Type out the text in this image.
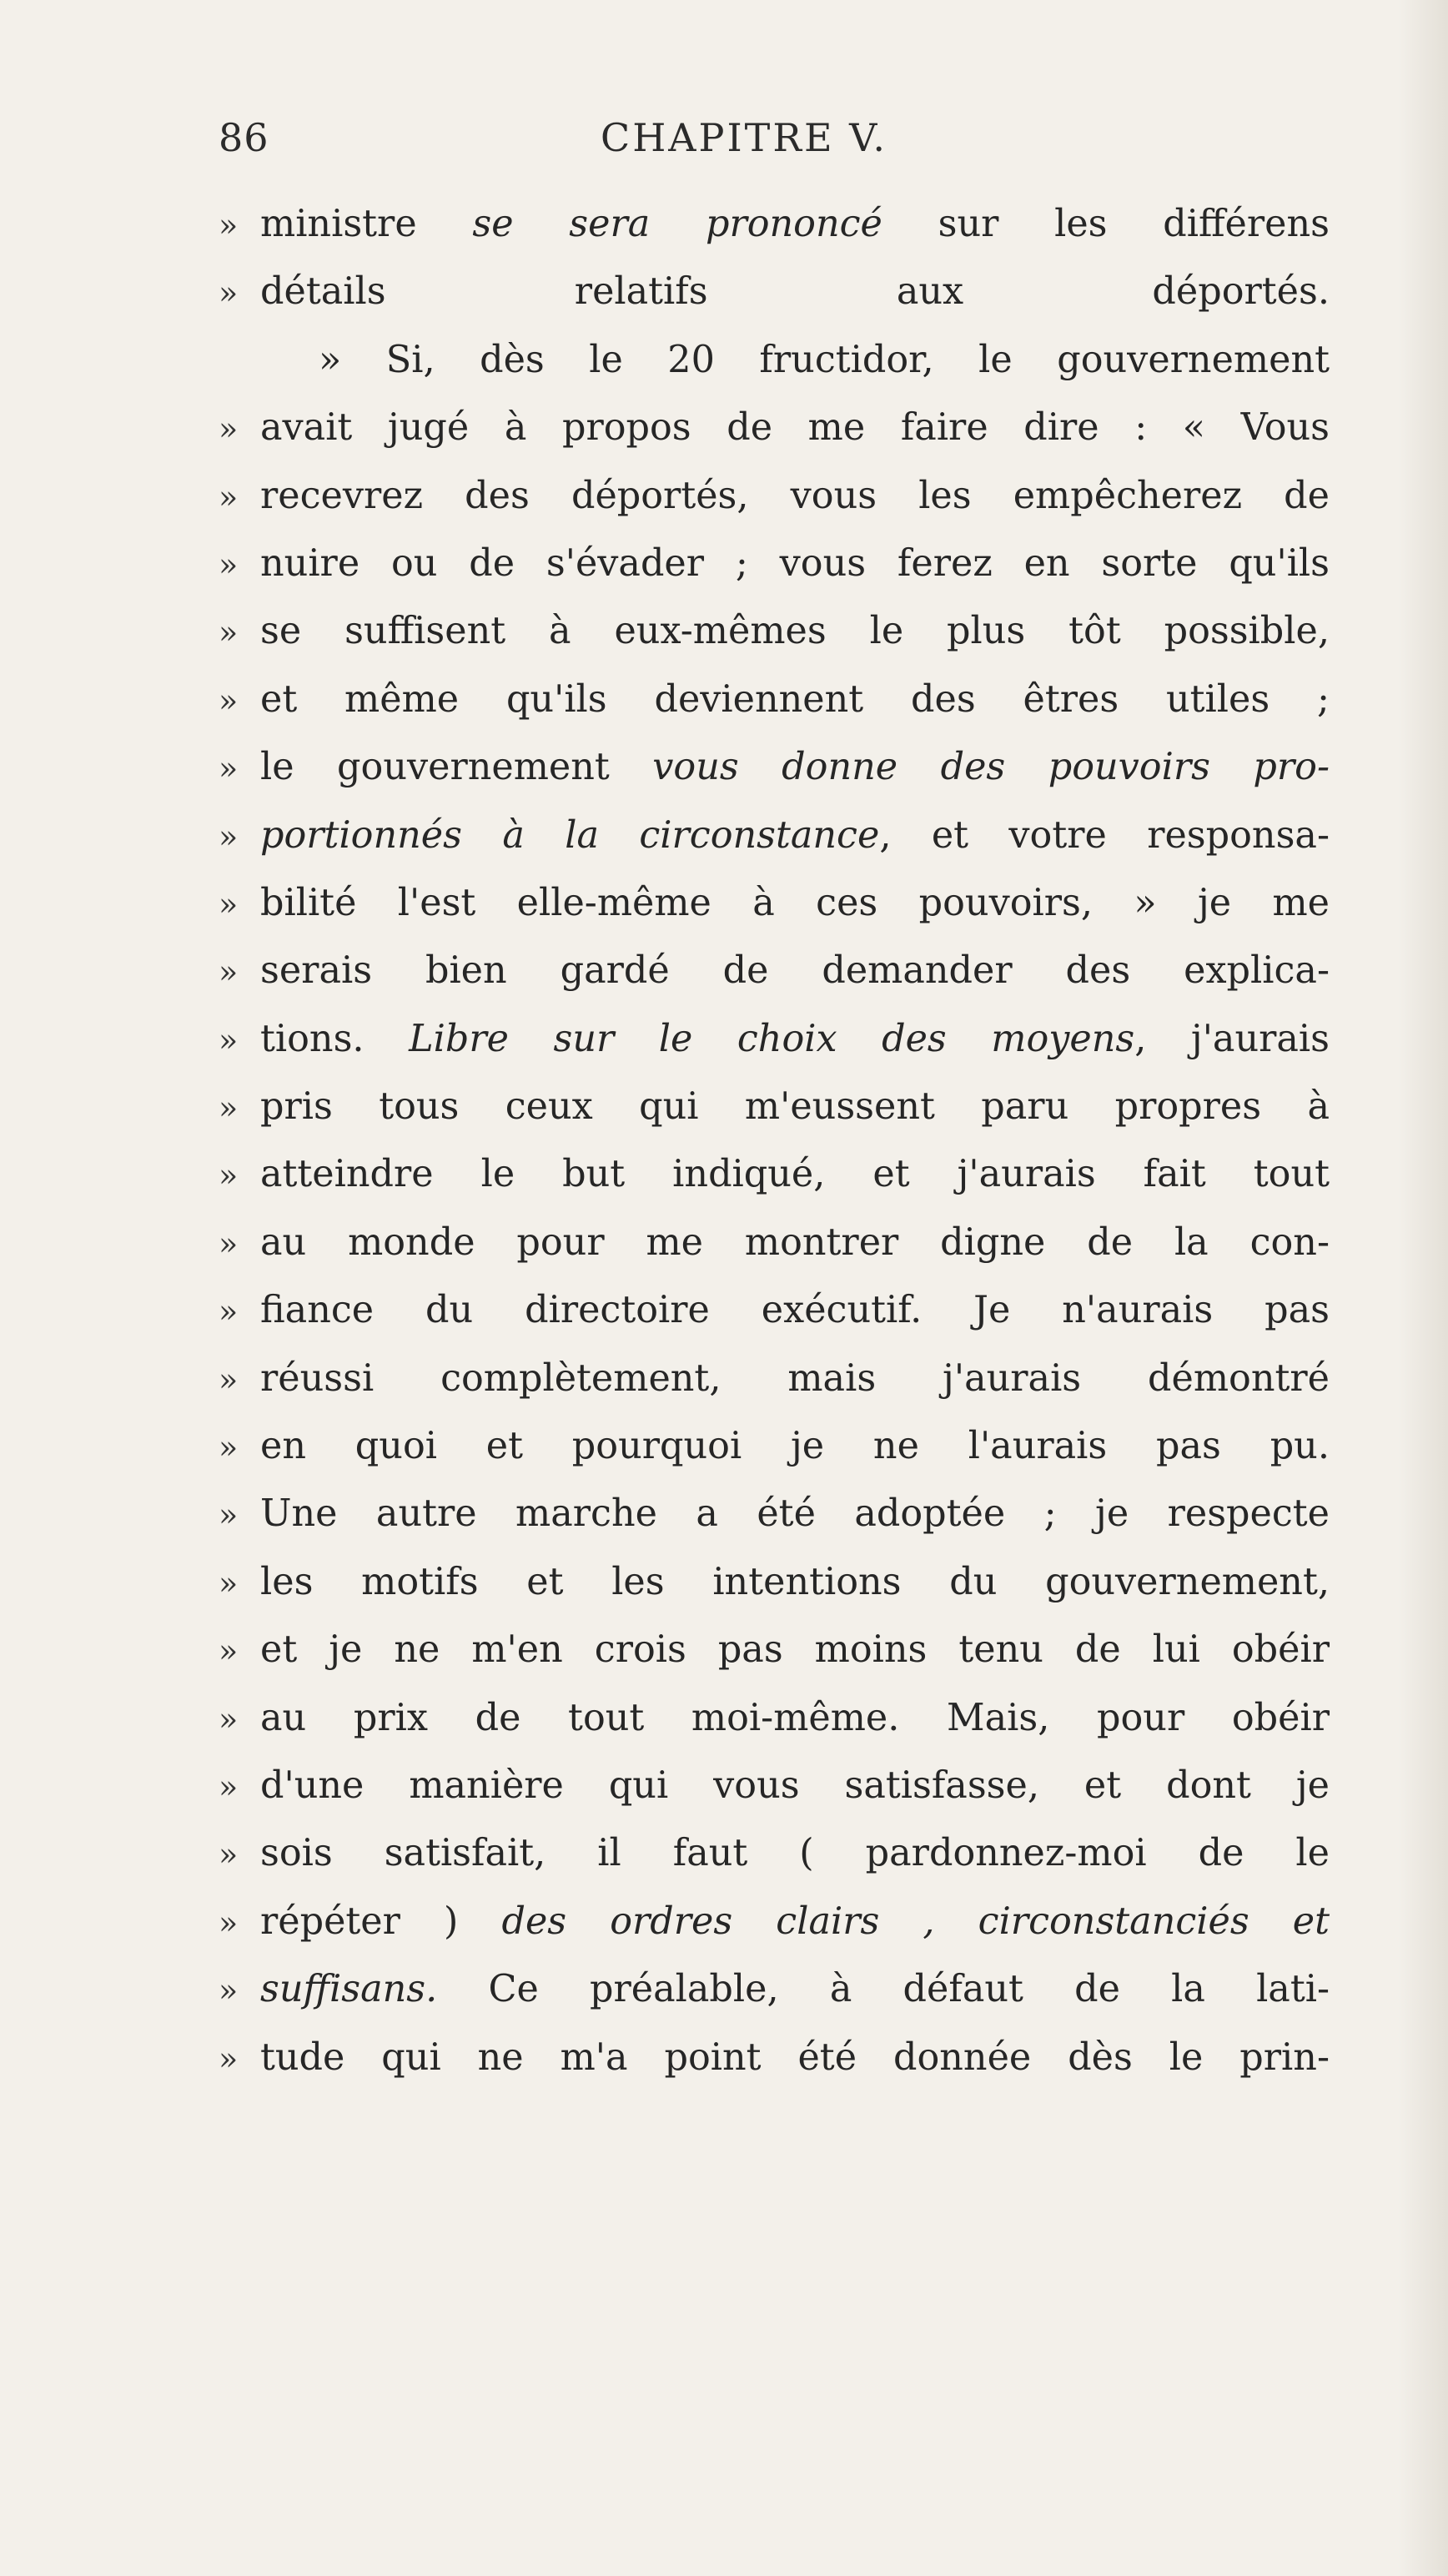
86	CHAPITRE V.
» ministre se sera prononcé sur les différens
» détails relatifs aux déportés.
» Si, dès le 20 fructidor, le gouvernement
» avait jugé à propos de me faire dire : « Vous
» recevrez des déportés, vous les empêcherez de
» nuire ou de s'évader ; vous ferez en sorte qu'ils
» se suffisent à eux-mêmes le plus tôt possible,
» et même qu'ils deviennent des êtres utiles ;
» le gouvernement vous donne des pouvoirs pro-
» portionnés à la circonstance, et votre responsa-
» bilité l'est elle-même à ces pouvoirs, » je me
» serais bien gardé de demander des explica-
» tions. Libre sur le choix des moyens, j'aurais
» pris tous ceux qui m'eussent paru propres à
» atteindre le but indiqué, et j'aurais fait tout
» au monde pour me montrer digne de la con-
» fiance du directoire exécutif. Je n'aurais pas
» réussi complètement, mais j'aurais démontré
» en quoi et pourquoi je ne l'aurais pas pu.
» Une autre marche a été adoptée ; je respecte
» les motifs et les intentions du gouvernement,
» et je ne m'en crois pas moins tenu de lui obéir
» au prix de tout moi-même. Mais, pour obéir
» d'une manière qui vous satisfasse, et dont je
» sois satisfait, il faut ( pardonnez-moi de le
» répéter ) des ordres clairs , circonstanciés et
» suffisans. Ce préalable, à défaut de la lati-
» tude qui ne m'a point été donnée dès le prin-
